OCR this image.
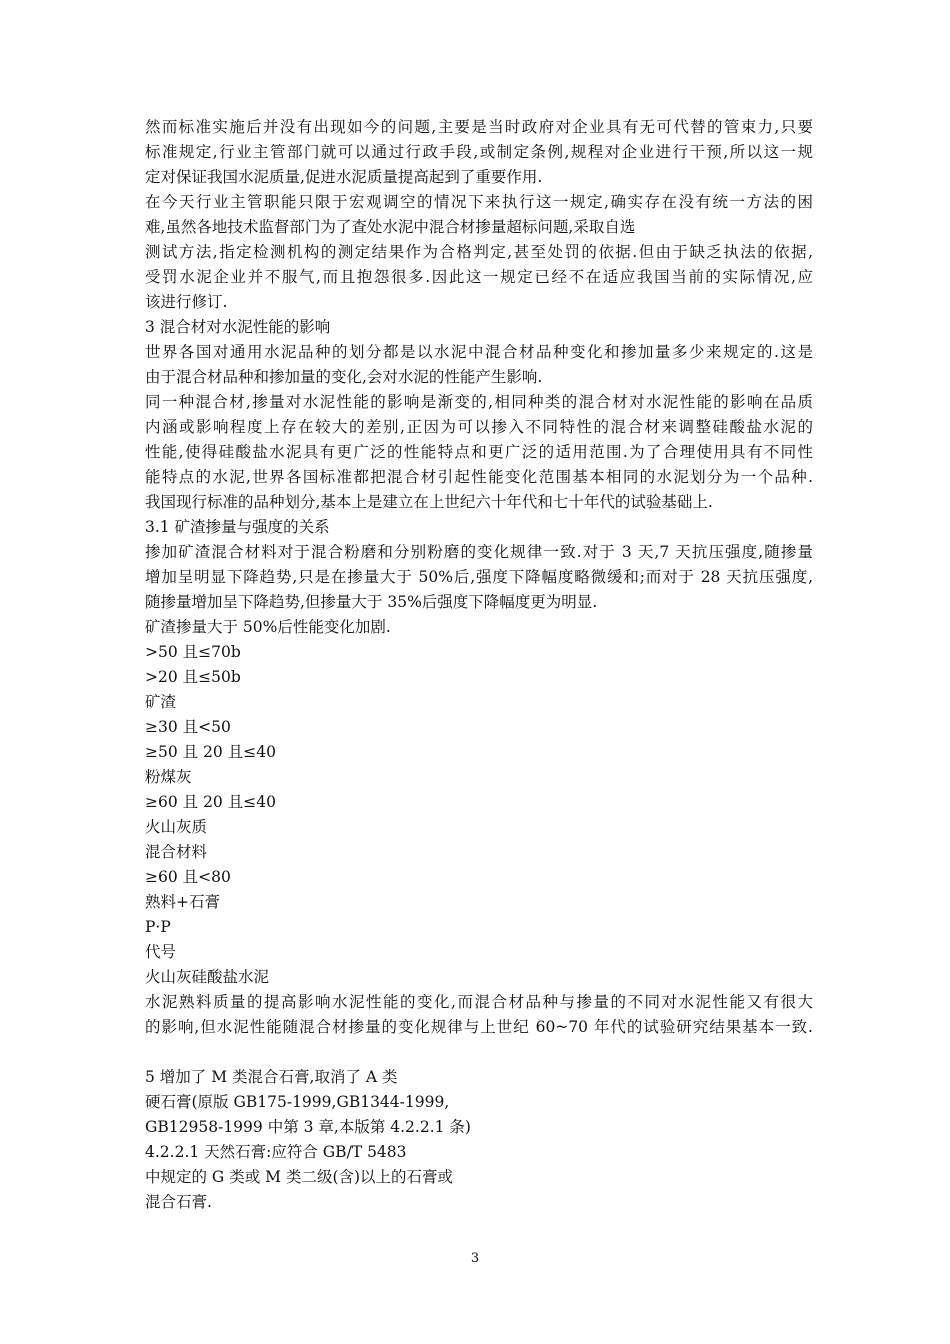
然而标准实施后并没有出现如今的问题,主要是当时政府对企业具有无可代替的管束力,只要
标准规定,行业主管部门就可以通过行政手段,或制定条例,规程对企业进行干预,所以这一规
定对保证我国水泥质量,促进水泥质量提高起到了重要作用.
在今天行业主管职能只限于宏观调空的情况下来执行这一规定,确实存在没有统一方法的困
难,虽然各地技术监督部门为了查处水泥中混合材掺量超标问题,采取自选
测试方法,指定检测机构的测定结果作为合格判定,甚至处罚的依据.但由于缺乏执法的依据,
受罚水泥企业并不服气,而且抱怨很多.因此这一规定已经不在适应我国当前的实际情况,应
该进行修订.
3 混合材对水泥性能的影响
世界各国对通用水泥品种的划分都是以水泥中混合材品种变化和掺加量多少来规定的.这是
由于混合材品种和掺加量的变化,会对水泥的性能产生影响.
同一种混合材,掺量对水泥性能的影响是渐变的,相同种类的混合材对水泥性能的影响在品质
内涵或影响程度上存在较大的差别,正因为可以掺入不同特性的混合材来调整硅酸盐水泥的
性能,使得硅酸盐水泥具有更广泛的性能特点和更广泛的适用范围.为了合理使用具有不同性
能特点的水泥,世界各国标准都把混合材引起性能变化范围基本相同的水泥划分为一个品种.
我国现行标准的品种划分,基本上是建立在上世纪六十年代和七十年代的试验基础上.
3.1 矿渣掺量与强度的关系
掺加矿渣混合材料对于混合粉磨和分别粉磨的变化规律一致.对于 3 天,7 天抗压强度,随掺量
增加呈明显下降趋势,只是在掺量大于 50%后,强度下降幅度略微缓和;而对于 28 天抗压强度,
随掺量增加呈下降趋势,但掺量大于 35%后强度下降幅度更为明显.
矿渣掺量大于 50%后性能变化加剧.
>50 且≤70b
>20 且≤50b
矿渣
≥30 且<50
≥50 且 20 且≤40
粉煤灰
≥60 且 20 且≤40
火山灰质
混合材料
≥60 且<80
熟料+石膏
P·P
代号
火山灰硅酸盐水泥
水泥熟料质量的提高影响水泥性能的变化,而混合材品种与掺量的不同对水泥性能又有很大
的影响,但水泥性能随混合材掺量的变化规律与上世纪 60~70 年代的试验研究结果基本一致.
5 增加了 M 类混合石膏,取消了 A 类
硬石膏(原版 GB175-1999,GB1344-1999,
GB12958-1999 中第 3 章,本版第 4.2.2.1 条)
4.2.2.1 天然石膏:应符合 GB/T 5483
中规定的 G 类或 M 类二级(含)以上的石膏或
混合石膏.
3
